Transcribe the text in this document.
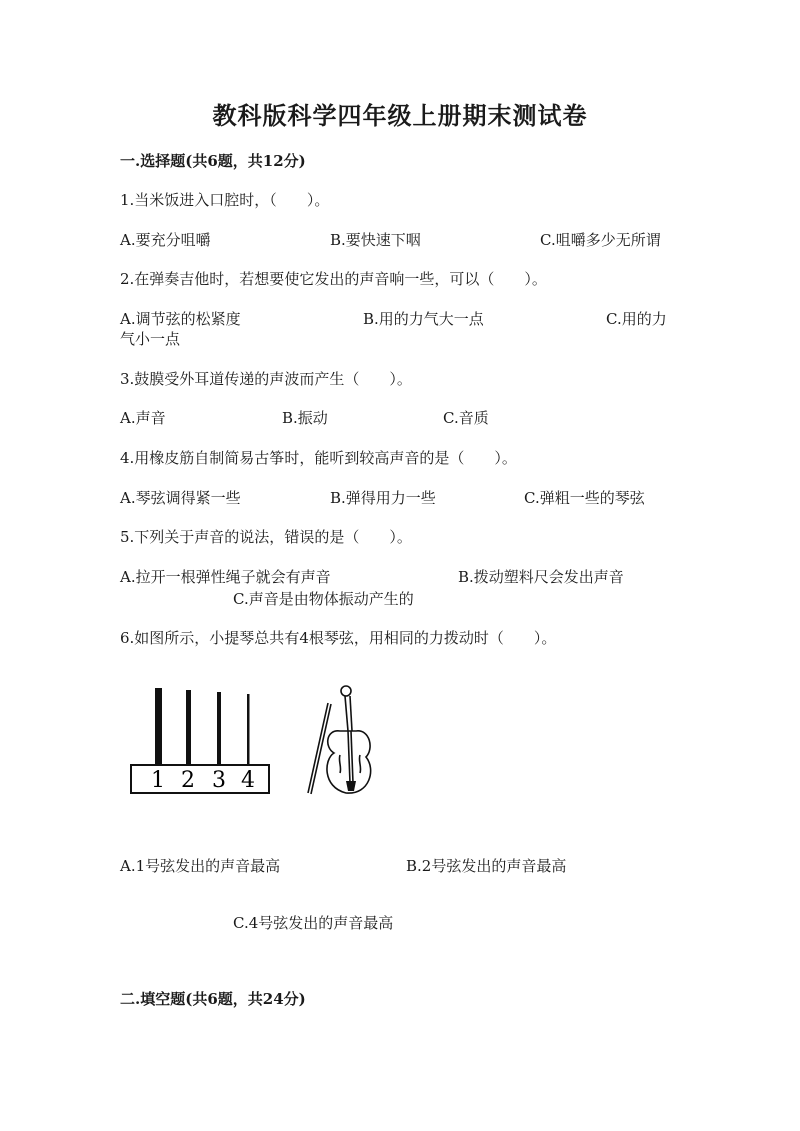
教科版科学四年级上册期末测试卷
一.选择题(共6题，共12分)
1.当米饭进入口腔时，（　　）。
A.要充分咀嚼	B.要快速下咽	C.咀嚼多少无所谓
2.在弹奏吉他时，若想要使它发出的声音响一些，可以（　　）。
A.调节弦的松紧度	B.用的力气大一点	C.用的力
气小一点
3.鼓膜受外耳道传递的声波而产生（　　）。
A.声音	B.振动	C.音质
4.用橡皮筋自制简易古筝时，能听到较高声音的是（　　）。
A.琴弦调得紧一些	B.弹得用力一些	C.弹粗一些的琴弦
5.下列关于声音的说法，错误的是（　　）。
A.拉开一根弹性绳子就会有声音	B.拨动塑料尺会发出声音
C.声音是由物体振动产生的
6.如图所示，小提琴总共有4根琴弦，用相同的力拨动时（　　）。
1 2 3 4
A.1号弦发出的声音最高	B.2号弦发出的声音最高
C.4号弦发出的声音最高
二.填空题(共6题，共24分)
